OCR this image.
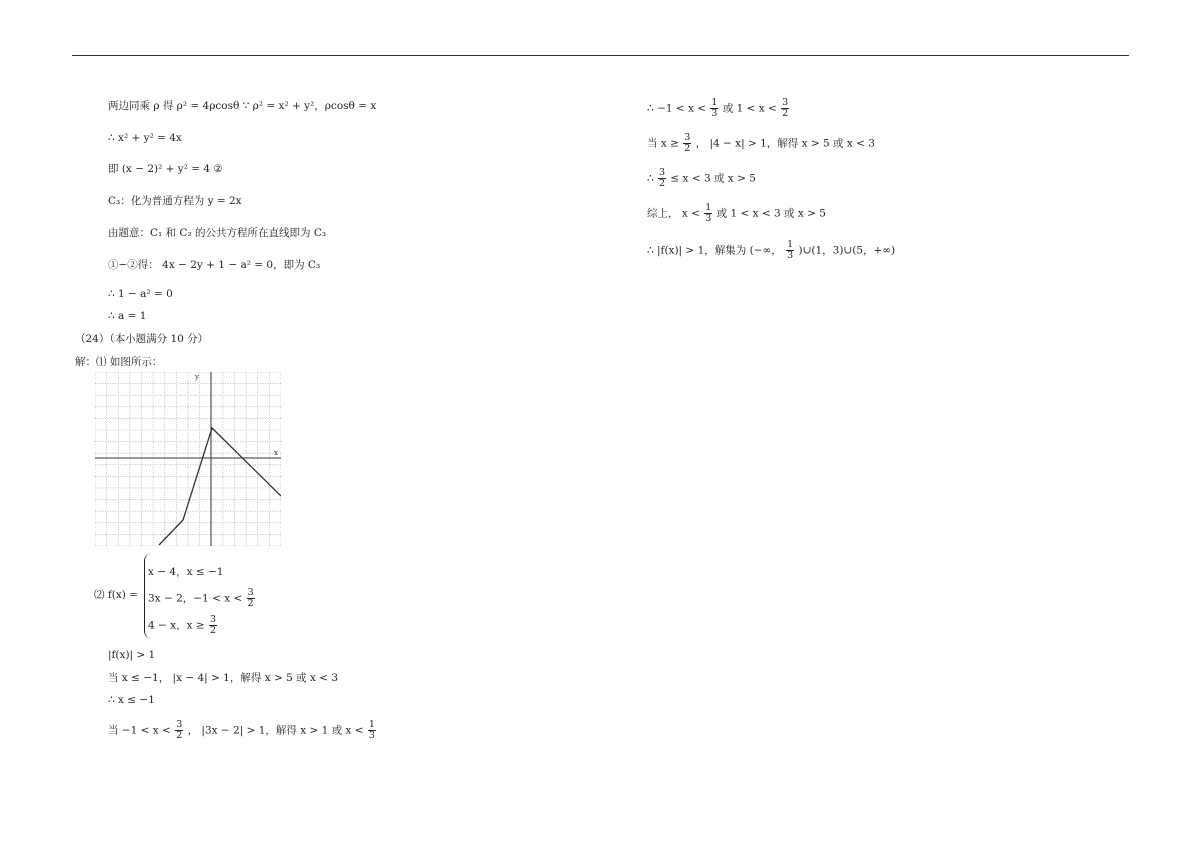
两边同乘 ρ 得 ρ² = 4ρcosθ ∵ ρ² = x² + y²，ρcosθ = x
∴ x² + y² = 4x
即 (x − 2)² + y² = 4 ②
C₃：化为普通方程为 y = 2x
由题意：C₁ 和 C₂ 的公共方程所在直线即为 C₃
①−②得： 4x − 2y + 1 − a² = 0，即为 C₃
∴ 1 − a² = 0
∴ a = 1
（24）（本小题满分 10 分）
解：⑴ 如图所示：
x
y
⑵ f(x) =
x − 4，x ≤ −1
3x − 2，$-1 < x < \frac{3}{2}$
4 − x，$x \ge \frac{3}{2}$
|f(x)| > 1
当 x ≤ −1， |x − 4| > 1，解得 x > 5 或 x < 3
∴ x ≤ −1
当 $-1 < x < \frac{3}{2}$ ， |3x − 2| > 1，解得 x > 1 或 $x < \frac{1}{3}$
∴ $-1 < x < \frac{1}{3}$ 或 $1 < x < \frac{3}{2}$
当 $x \ge \frac{3}{2}$ ， |4 − x| > 1，解得 x > 5 或 x < 3
∴ $\frac{3}{2} \le x < 3$ 或 x > 5
综上， $x < \frac{1}{3}$ 或 1 < x < 3 或 x > 5
∴ |f(x)| > 1，解集为 (−∞， $\frac{1}{3}$ )∪(1，3)∪(5，+∞)
